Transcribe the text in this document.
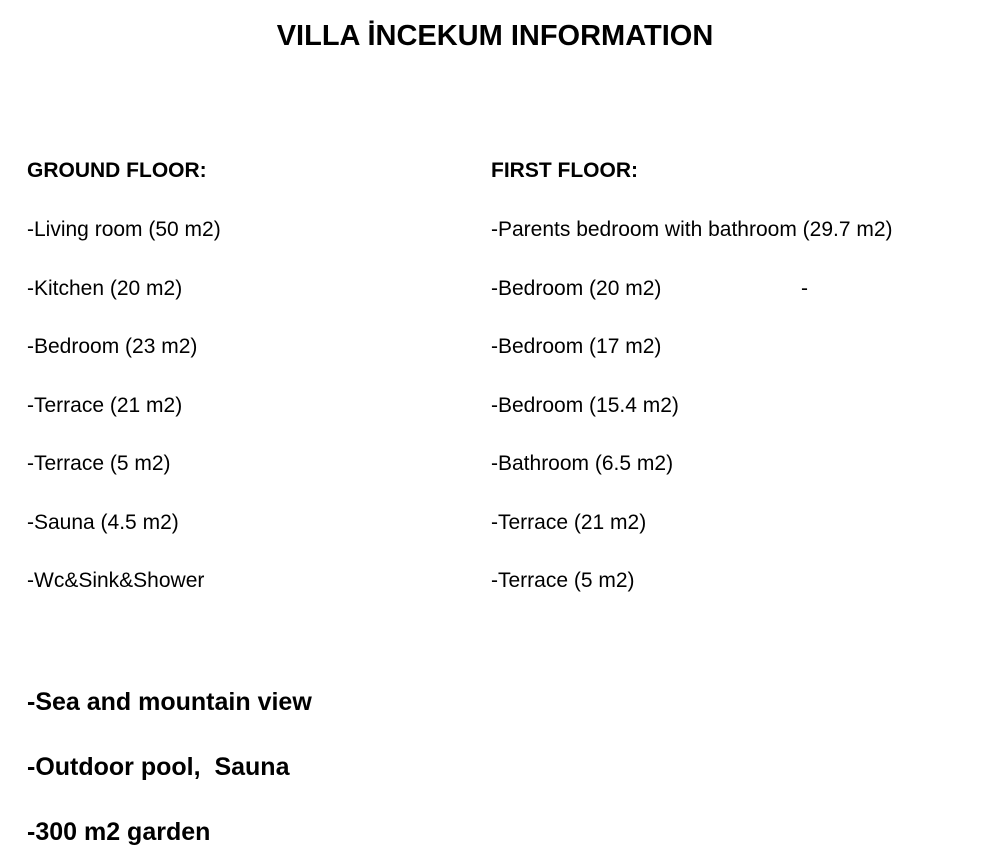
VILLA İNCEKUM INFORMATION
GROUND FLOOR:
-Living room (50 m2)
-Kitchen (20 m2)
-Bedroom (23 m2)
-Terrace (21 m2)
-Terrace (5 m2)
-Sauna (4.5 m2)
-Wc&Sink&Shower
FIRST FLOOR:
-Parents bedroom with bathroom (29.7 m2)
-Bedroom (20 m2)	-
-Bedroom (17 m2)
-Bedroom (15.4 m2)
-Bathroom (6.5 m2)
-Terrace (21 m2)
-Terrace (5 m2)
-Sea and mountain view
-Outdoor pool,  Sauna
-300 m2 garden
